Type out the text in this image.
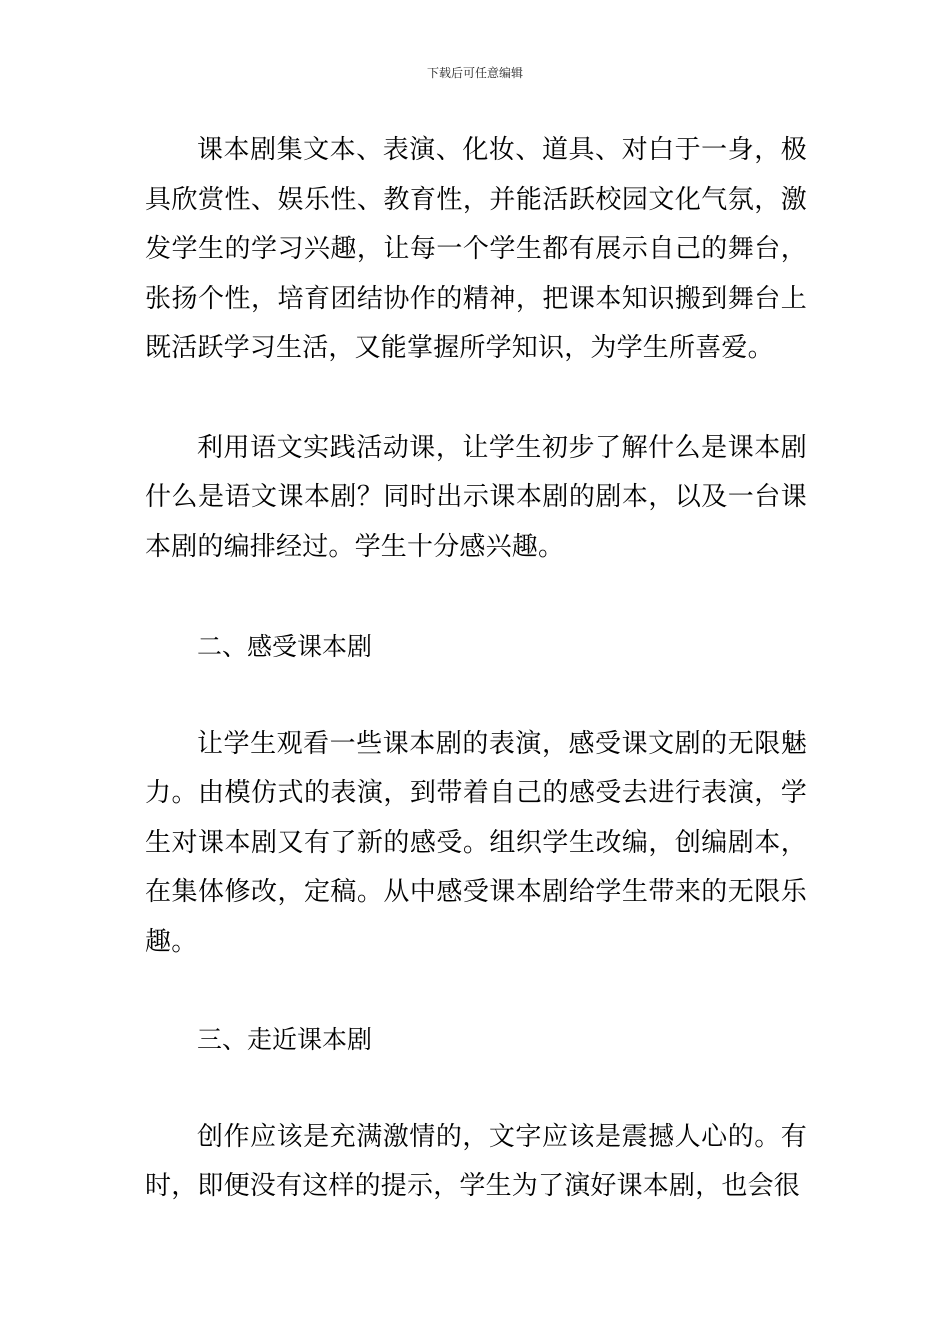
下载后可任意编辑

课本剧集文本、表演、化妆、道具、对白于一身，极具欣赏性、娱乐性、教育性，并能活跃校园文化气氛，激发学生的学习兴趣，让每一个学生都有展示自己的舞台，张扬个性，培育团结协作的精神，把课本知识搬到舞台上既活跃学习生活，又能掌握所学知识，为学生所喜爱。

利用语文实践活动课，让学生初步了解什么是课本剧什么是语文课本剧？同时出示课本剧的剧本，以及一台课本剧的编排经过。学生十分感兴趣。

二、感受课本剧

让学生观看一些课本剧的表演，感受课文剧的无限魅力。由模仿式的表演，到带着自己的感受去进行表演，学生对课本剧又有了新的感受。组织学生改编，创编剧本，在集体修改，定稿。从中感受课本剧给学生带来的无限乐趣。

三、走近课本剧

创作应该是充满激情的，文字应该是震撼人心的。有时，即便没有这样的提示，学生为了演好课本剧，也会很
